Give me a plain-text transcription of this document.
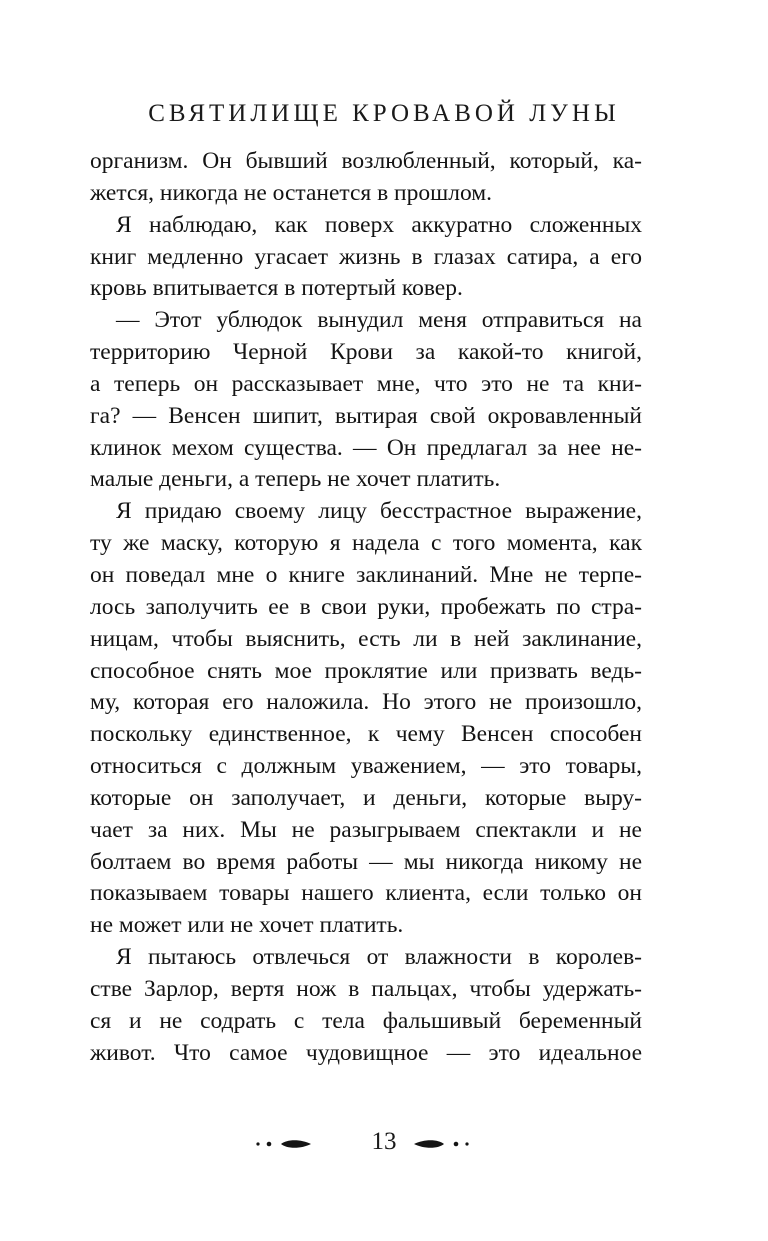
СВЯТИЛИЩЕ КРОВАВОЙ ЛУНЫ
организм. Он бывший возлюбленный, который, ка-
жется, никогда не останется в прошлом.
Я наблюдаю, как поверх аккуратно сложенных
книг медленно угасает жизнь в глазах сатира, а его
кровь впитывается в потертый ковер.
— Этот ублюдок вынудил меня отправиться на
территорию Черной Крови за какой-то книгой,
а теперь он рассказывает мне, что это не та кни-
га? — Венсен шипит, вытирая свой окровавленный
клинок мехом существа. — Он предлагал за нее не-
малые деньги, а теперь не хочет платить.
Я придаю своему лицу бесстрастное выражение,
ту же маску, которую я надела с того момента, как
он поведал мне о книге заклинаний. Мне не терпе-
лось заполучить ее в свои руки, пробежать по стра-
ницам, чтобы выяснить, есть ли в ней заклинание,
способное снять мое проклятие или призвать ведь-
му, которая его наложила. Но этого не произошло,
поскольку единственное, к чему Венсен способен
относиться с должным уважением, — это товары,
которые он заполучает, и деньги, которые выру-
чает за них. Мы не разыгрываем спектакли и не
болтаем во время работы — мы никогда никому не
показываем товары нашего клиента, если только он
не может или не хочет платить.
Я пытаюсь отвлечься от влажности в королев-
стве Зарлор, вертя нож в пальцах, чтобы удержать-
ся и не содрать с тела фальшивый беременный
живот. Что самое чудовищное — это идеальное
13
